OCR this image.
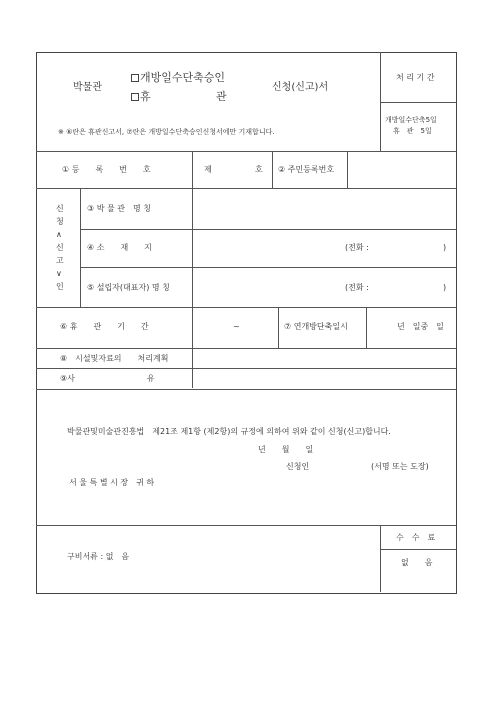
박물관
개방일수단축승인
휴	관
신청(신고)서
※ ⑥란은 휴관신고서, ⑦란은 개방일수단축승인신청서에만 기재합니다.
처 리 기 간
개방일수단축5일
휴　관　5일
① 등　　록　　번　　호	제	호 ② 주민등록번호
신
청
∧
신
고
∨
인
③ 박 물 관　명 칭
④ 소　　재　　지	(전화 :	)
⑤ 설립자(대표자) 명 칭	(전화 :	)
⑥ 휴　　관　　기　　간	~	⑦ 연개방단축일시	년　일중　일
⑧　시설및자료의　　처리계획
⑨사　　　　　　　　　유
박물관및미술관진흥법　제21조 제1항 (제2항)의 규정에 의하여 위와 같이 신청(신고)합니다.
년　　월　　일
신청인	(서명 또는 도장)
서 울 특 별 시 장　귀 하
구비서류 : 없　음
수　수　료
없　　음
